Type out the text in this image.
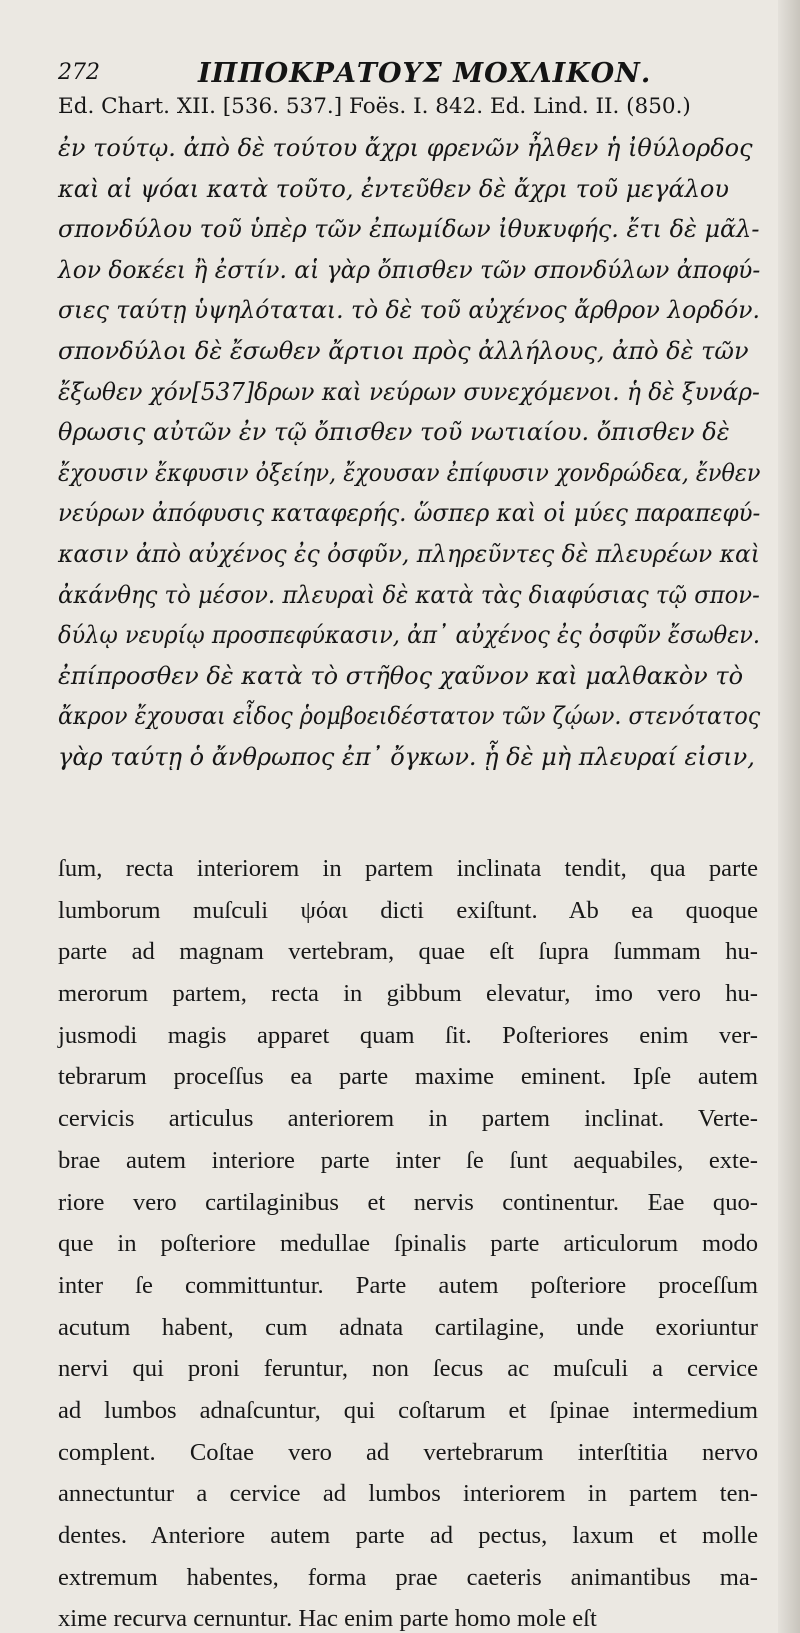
272	ΙΠΠΟΚΡΑΤΟΥΣ ΜΟΧΛΙΚΟΝ.
Ed. Chart. XII. [536. 537.] Foës. I. 842. Ed. Lind. II. (850.)
ἐν τούτῳ. ἀπὸ δὲ τούτου ἄχρι φρενῶν ἦλθεν ἡ ἰθύλορδος
καὶ αἱ ψόαι κατὰ τοῦτο, ἐντεῦθεν δὲ ἄχρι τοῦ μεγάλου
σπονδύλου τοῦ ὑπὲρ τῶν ἐπωμίδων ἰθυκυφής. ἔτι δὲ μᾶλ-
λον δοκέει ἢ ἐστίν. αἱ γὰρ ὄπισθεν τῶν σπονδύλων ἀποφύ-
σιες ταύτῃ ὑψηλόταται. τὸ δὲ τοῦ αὐχένος ἄρθρον λορδόν.
σπονδύλοι δὲ ἔσωθεν ἄρτιοι πρὸς ἀλλήλους, ἀπὸ δὲ τῶν
ἔξωθεν χόν[537]δρων καὶ νεύρων συνεχόμενοι. ἡ δὲ ξυνάρ-
θρωσις αὐτῶν ἐν τῷ ὄπισθεν τοῦ νωτιαίου. ὄπισθεν δὲ
ἔχουσιν ἔκφυσιν ὀξείην, ἔχουσαν ἐπίφυσιν χονδρώδεα, ἔνθεν
νεύρων ἀπόφυσις καταφερής. ὥσπερ καὶ οἱ μύες παραπεφύ-
κασιν ἀπὸ αὐχένος ἐς ὀσφῦν, πληρεῦντες δὲ πλευρέων καὶ
ἀκάνθης τὸ μέσον. πλευραὶ δὲ κατὰ τὰς διαφύσιας τῷ σπον-
δύλῳ νευρίῳ προσπεφύκασιν, ἀπ᾽ αὐχένος ἐς ὀσφῦν ἔσωθεν.
ἐπίπροσθεν δὲ κατὰ τὸ στῆθος χαῦνον καὶ μαλθακὸν τὸ
ἄκρον ἔχουσαι εἶδος ῥομβοειδέστατον τῶν ζῴων. στενότατος
γὰρ ταύτῃ ὁ ἄνθρωπος ἐπ᾽ ὄγκων. ᾗ δὲ μὴ πλευραί εἰσιν,
ſum, recta interiorem in partem inclinata tendit, qua parte
lumborum muſculi ψόαι dicti exiſtunt. Ab ea quoque
parte ad magnam vertebram, quae eſt ſupra ſummam hu-
merorum partem, recta in gibbum elevatur, imo vero hu-
jusmodi magis apparet quam ſit. Poſteriores enim ver-
tebrarum proceſſus ea parte maxime eminent. Ipſe autem
cervicis articulus anteriorem in partem inclinat. Verte-
brae autem interiore parte inter ſe ſunt aequabiles, exte-
riore vero cartilaginibus et nervis continentur. Eae quo-
que in poſteriore medullae ſpinalis parte articulorum modo
inter ſe committuntur. Parte autem poſteriore proceſſum
acutum habent, cum adnata cartilagine, unde exoriuntur
nervi qui proni feruntur, non ſecus ac muſculi a cervice
ad lumbos adnaſcuntur, qui coſtarum et ſpinae intermedium
complent. Coſtae vero ad vertebrarum interſtitia nervo
annectuntur a cervice ad lumbos interiorem in partem ten-
dentes. Anteriore autem parte ad pectus, laxum et molle
extremum habentes, forma prae caeteris animantibus ma-
xime recurva cernuntur. Hac enim parte homo mole eſt
